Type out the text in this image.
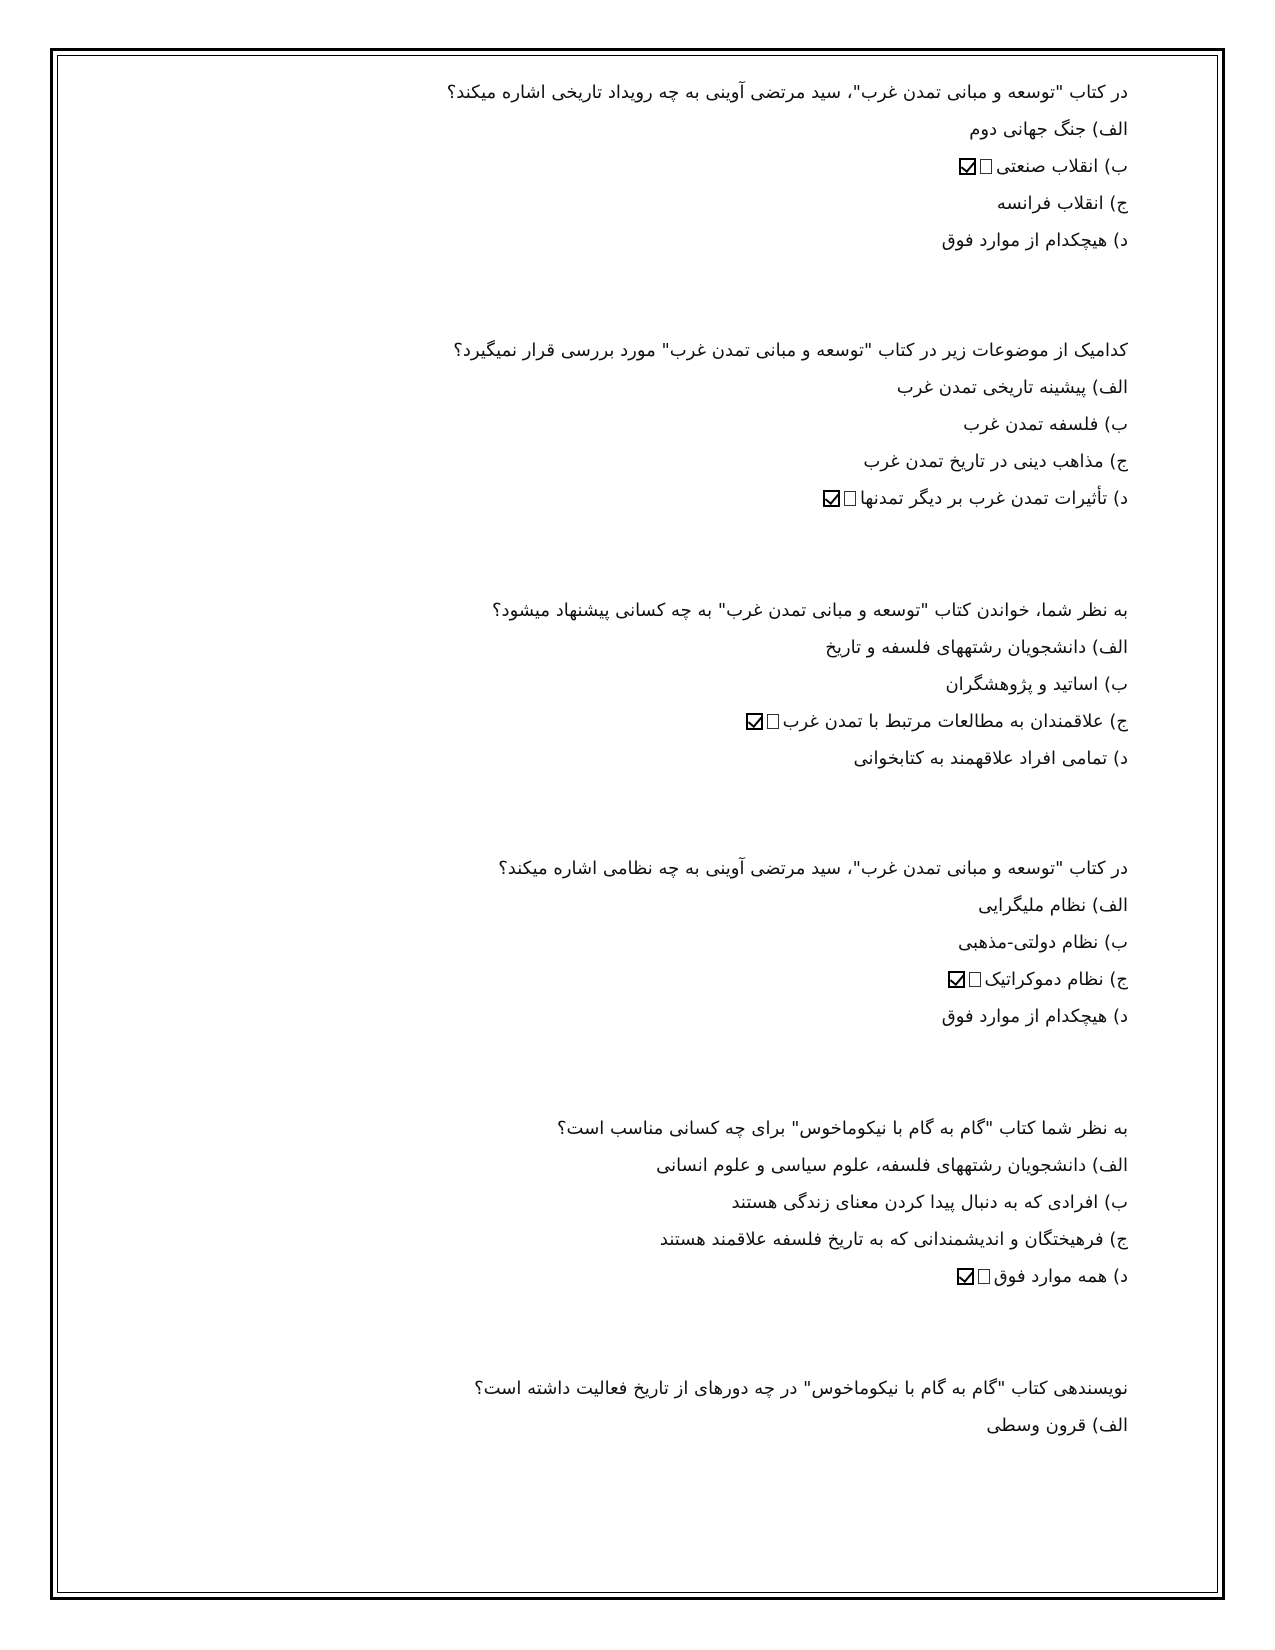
در کتاب "توسعه و مبانی تمدن غرب"، سید مرتضی آوینی به چه رویداد تاریخی اشاره میکند؟
الف) جنگ جهانی دوم
ب) انقلاب صنعتی
ج) انقلاب فرانسه
د) هیچکدام از موارد فوق
کدامیک از موضوعات زیر در کتاب "توسعه و مبانی تمدن غرب" مورد بررسی قرار نمیگیرد؟
الف) پیشینه تاریخی تمدن غرب
ب) فلسفه تمدن غرب
ج) مذاهب دینی در تاریخ تمدن غرب
د) تأثیرات تمدن غرب بر دیگر تمدنها
به نظر شما، خواندن کتاب "توسعه و مبانی تمدن غرب" به چه کسانی پیشنهاد میشود؟
الف) دانشجویان رشتههای فلسفه و تاریخ
ب) اساتید و پژوهشگران
ج) علاقمندان به مطالعات مرتبط با تمدن غرب
د) تمامی افراد علاقهمند به کتابخوانی
در کتاب "توسعه و مبانی تمدن غرب"، سید مرتضی آوینی به چه نظامی اشاره میکند؟
الف) نظام ملیگرایی
ب) نظام دولتی-مذهبی
ج) نظام دموکراتیک
د) هیچکدام از موارد فوق
به نظر شما کتاب "گام به گام با نیکوماخوس" برای چه کسانی مناسب است؟
الف) دانشجویان رشتههای فلسفه، علوم سیاسی و علوم انسانی
ب) افرادی که به دنبال پیدا کردن معنای زندگی هستند
ج) فرهیختگان و اندیشمندانی که به تاریخ فلسفه علاقمند هستند
د) همه موارد فوق
نویسندهی کتاب "گام به گام با نیکوماخوس" در چه دورهای از تاریخ فعالیت داشته است؟
الف) قرون وسطی
